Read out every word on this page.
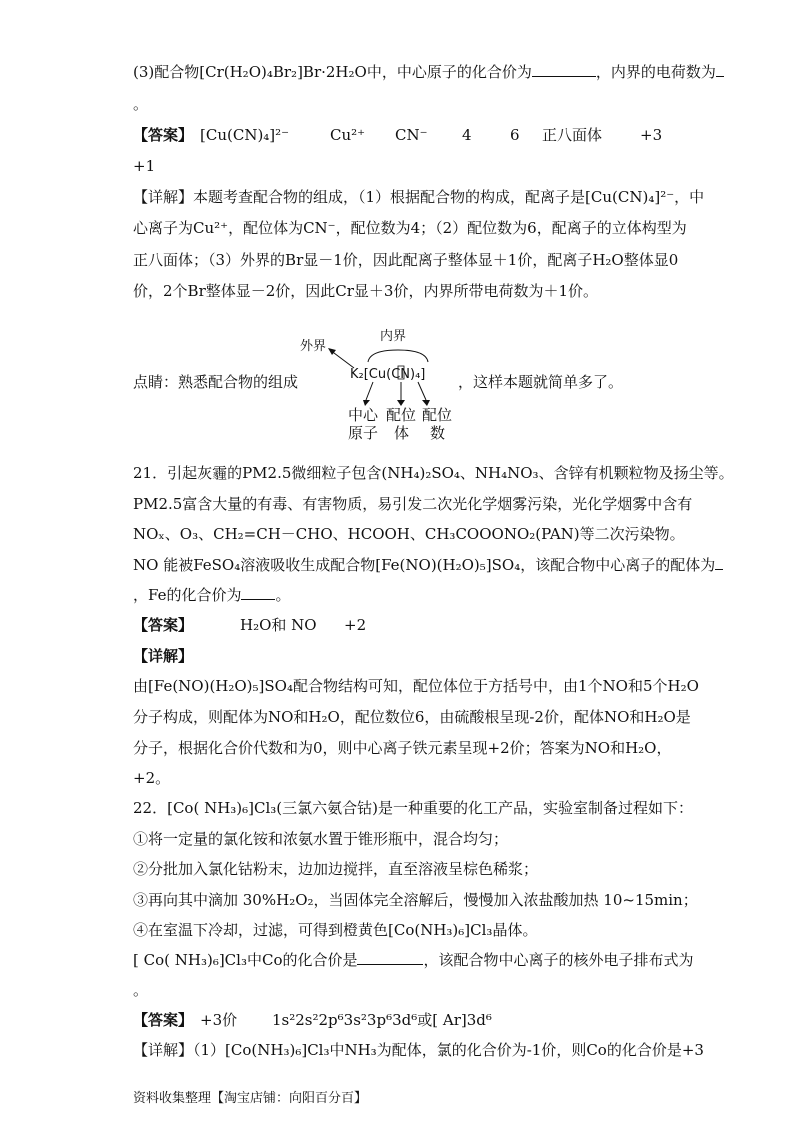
(3)配合物[Cr(H₂O)₄Br₂]Br·2H₂O中，中心原子的化合价为	，内界的电荷数为
。
【答案】 [Cu(CN)₄]²⁻	Cu²⁺ CN⁻ 4	6 正八面体	+3
+1
【详解】本题考查配合物的组成，（1）根据配合物的构成，配离子是[Cu(CN)₄]²⁻，中
心离子为Cu²⁺，配位体为CN⁻，配位数为4；（2）配位数为6，配离子的立体构型为
正八面体；（3）外界的Br显－1价，因此配离子整体显＋1价，配离子H₂O整体显0
价，2个Br整体显－2价，因此Cr显＋3价，内界所带电荷数为＋1价。
点睛：熟悉配合物的组成	，这样本题就简单多了。
外界
内界
K₂[Cu(CN)₄]
中心
原子
配位
体
配位
数
21．引起灰霾的PM2.5微细粒子包含(NH₄)₂SO₄、NH₄NO₃、含锌有机颗粒物及扬尘等。
PM2.5富含大量的有毒、有害物质，易引发二次光化学烟雾污染，光化学烟雾中含有
NOₓ、O₃、CH₂=CH－CHO、HCOOH、CH₃COOONO₂(PAN)等二次污染物。
NO 能被FeSO₄溶液吸收生成配合物[Fe(NO)(H₂O)₅]SO₄，该配合物中心离子的配体为
，Fe的化合价为 。
【答案】	H₂O和 NO +2
【详解】
由[Fe(NO)(H₂O)₅]SO₄配合物结构可知，配位体位于方括号中，由1个NO和5个H₂O
分子构成，则配体为NO和H₂O，配位数位6，由硫酸根呈现-2价，配体NO和H₂O是
分子，根据化合价代数和为0，则中心离子铁元素呈现+2价；答案为NO和H₂O，
+2。
22．[Co( NH₃)₆]Cl₃(三氯六氨合钴)是一种重要的化工产品，实验室制备过程如下：
①将一定量的氯化铵和浓氨水置于锥形瓶中，混合均匀；
②分批加入氯化钴粉末，边加边搅拌，直至溶液呈棕色稀浆；
③再向其中滴加 30%H₂O₂，当固体完全溶解后，慢慢加入浓盐酸加热 10~15min；
④在室温下冷却，过滤，可得到橙黄色[Co(NH₃)₆]Cl₃晶体。
[ Co( NH₃)₆]Cl₃中Co的化合价是	，该配合物中心离子的核外电子排布式为
。
【答案】 +3价 1s²2s²2p⁶3s²3p⁶3d⁶或[ Ar]3d⁶
【详解】（1）[Co(NH₃)₆]Cl₃中NH₃为配体，氯的化合价为-1价，则Co的化合价是+3
资料收集整理【淘宝店铺：向阳百分百】
